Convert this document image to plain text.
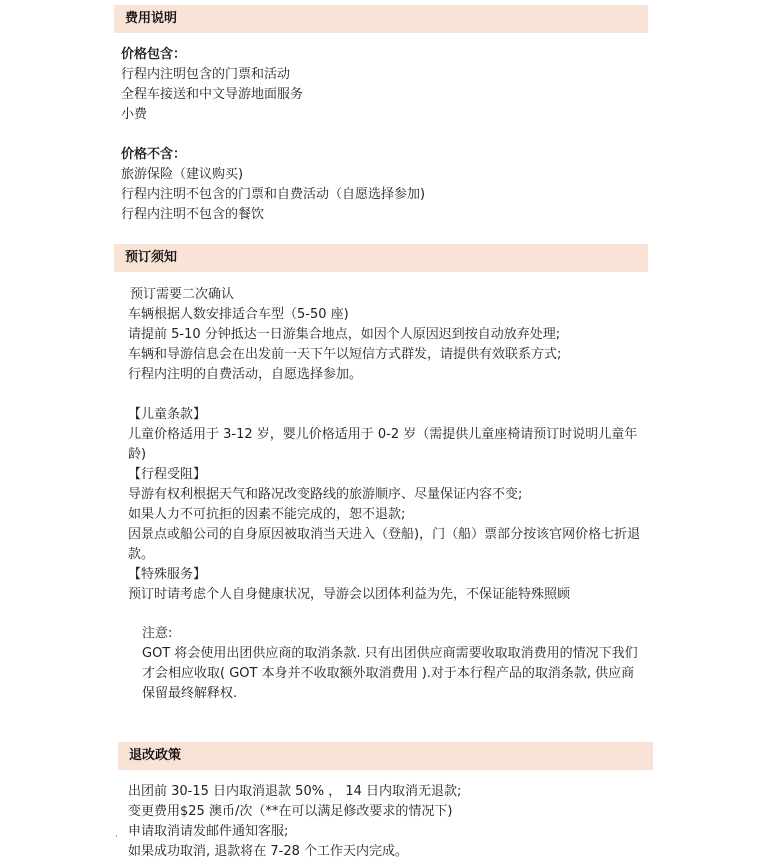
费用说明
价格包含：
行程内注明包含的门票和活动
全程车接送和中文导游地面服务
小费
价格不含：
旅游保险（建议购买)
行程内注明不包含的门票和自费活动（自愿选择参加)
行程内注明不包含的餐饮
预订须知
预订需要二次确认
车辆根据人数安排适合车型（5-50 座)
请提前 5-10 分钟抵达一日游集合地点，如因个人原因迟到按自动放弃处理;
车辆和导游信息会在出发前一天下午以短信方式群发，请提供有效联系方式;
行程内注明的自费活动，自愿选择参加。
【儿童条款】
儿童价格适用于 3-12 岁，婴儿价格适用于 0-2 岁（需提供儿童座椅请预订时说明儿童年龄)
【行程受阻】
导游有权利根据天气和路况改变路线的旅游顺序、尽量保证内容不变;
如果人力不可抗拒的因素不能完成的，恕不退款;
因景点或船公司的自身原因被取消当天进入（登船)，门（船）票部分按该官网价格七折退款。
【特殊服务】
预订时请考虑个人自身健康状况，导游会以团体利益为先，不保证能特殊照顾
注意:
GOT 将会使用出团供应商的取消条款. 只有出团供应商需要收取取消费用的情况下我们才会相应收取( GOT 本身并不收取额外取消费用 ).对于本行程产品的取消条款, 供应商保留最终解释权.
退改政策
出团前 30-15 日内取消退款 50% ， 14 日内取消无退款;
变更费用$25 澳币/次（**在可以满足修改要求的情况下)
申请取消请发邮件通知客服;
如果成功取消, 退款将在 7-28 个工作天内完成。
·
